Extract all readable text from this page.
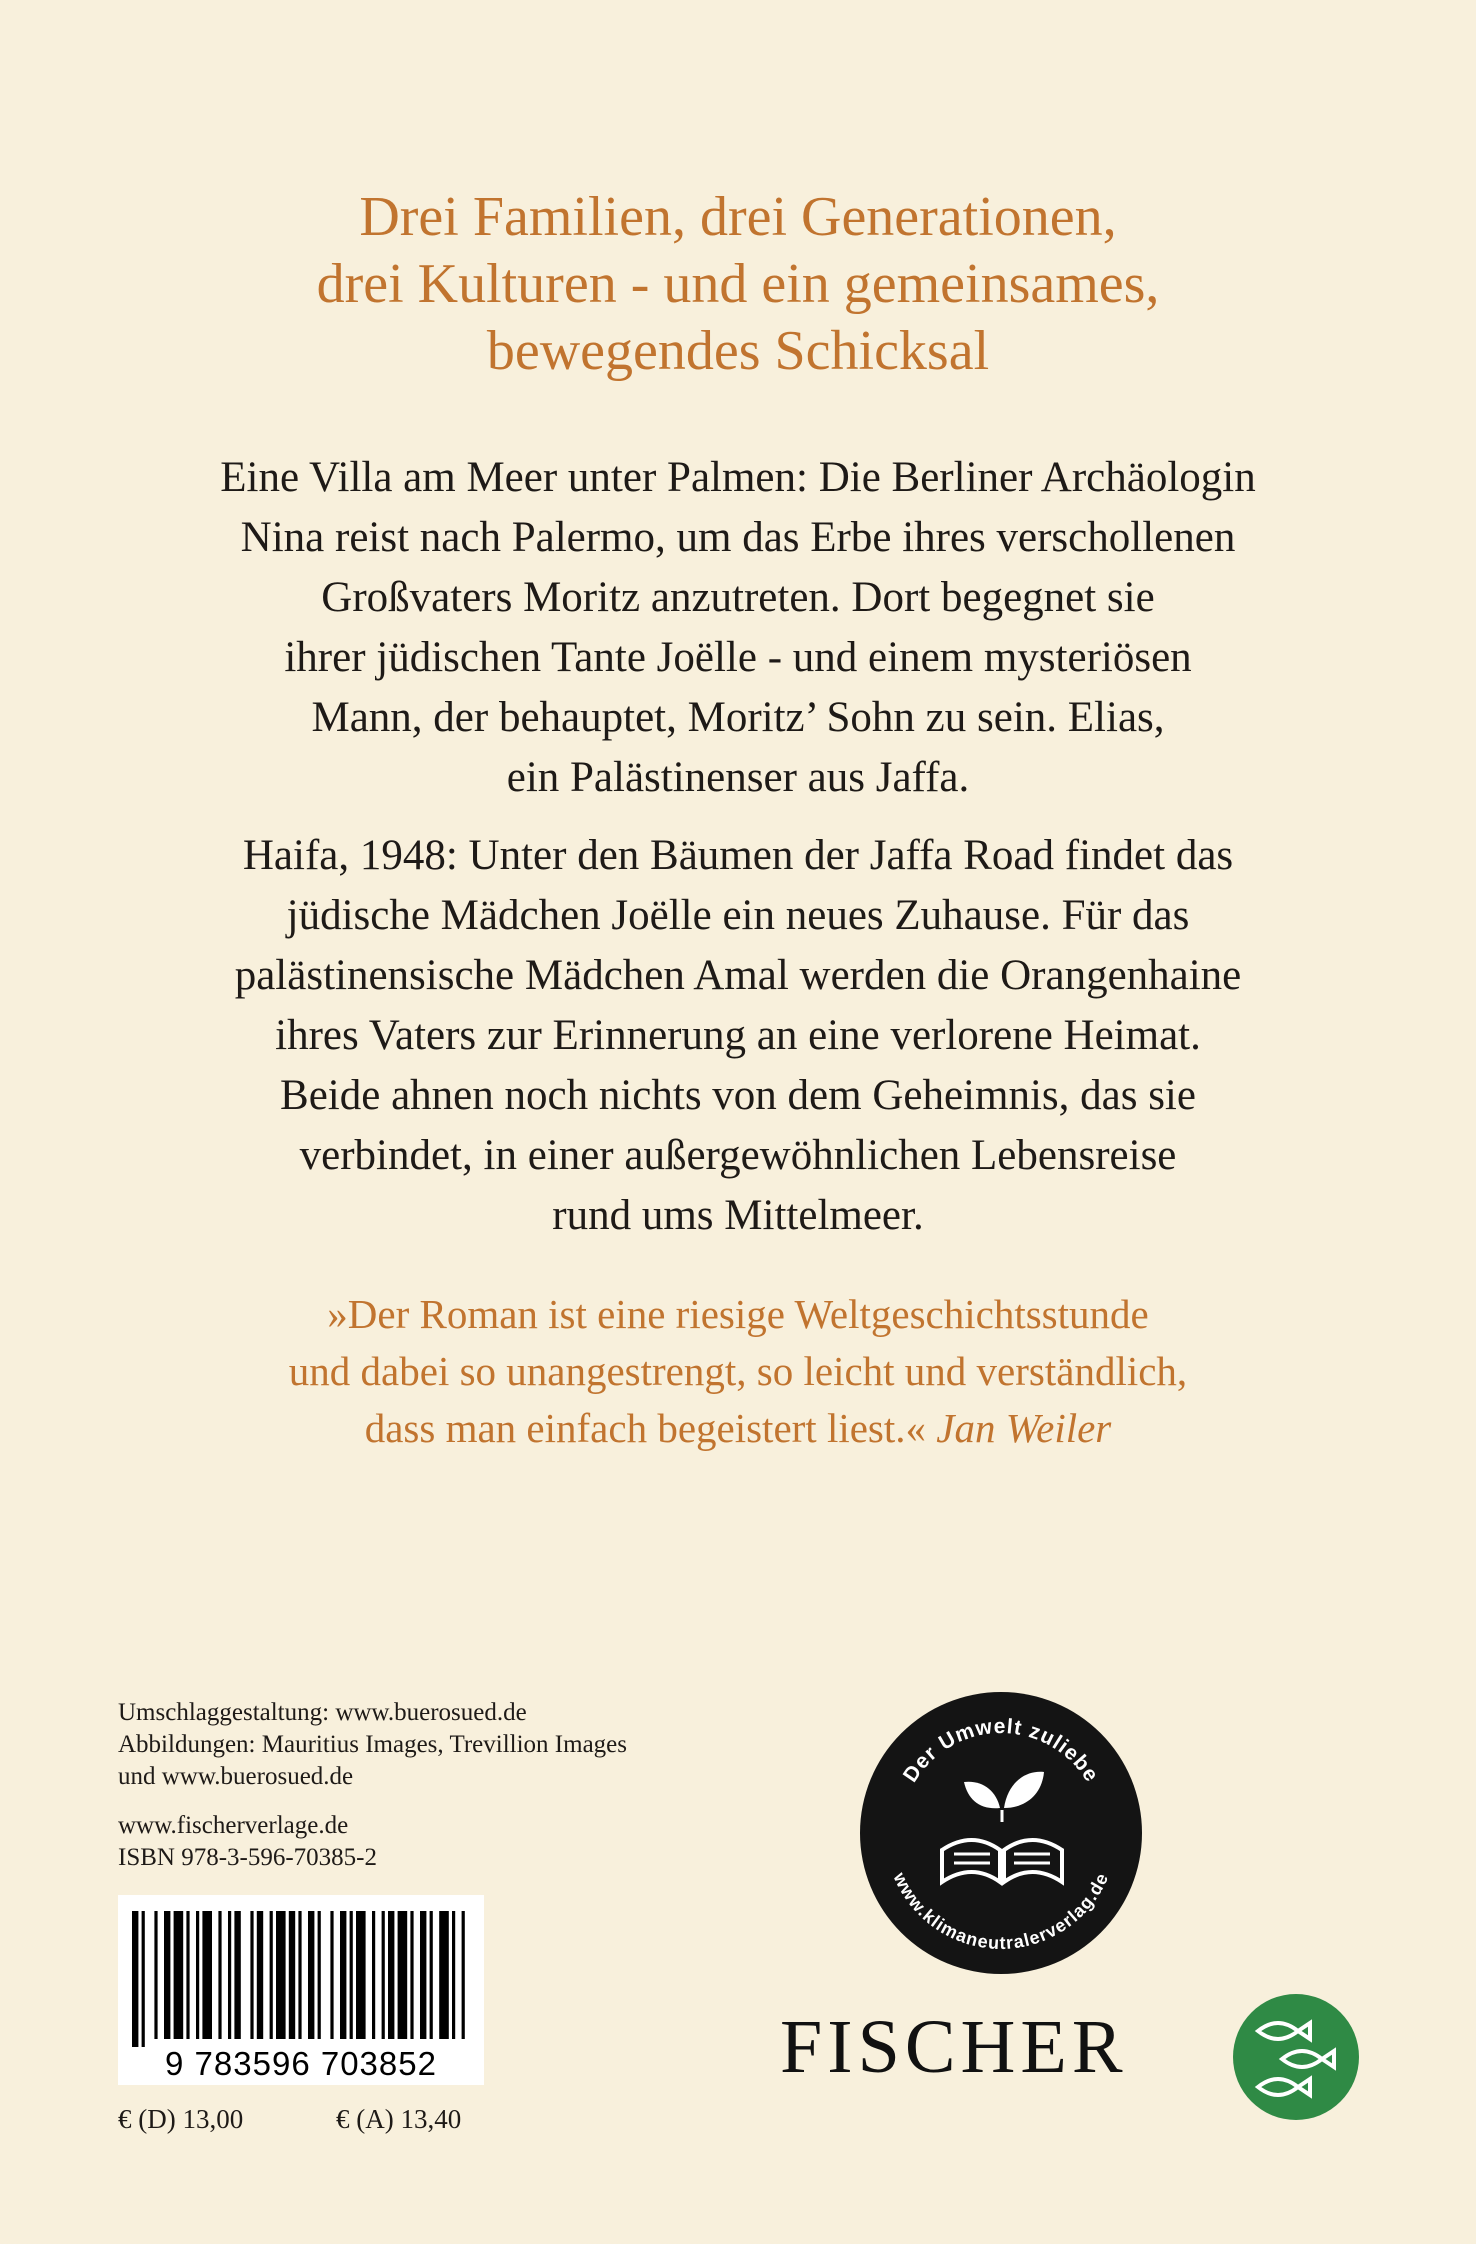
Drei Familien, drei Generationen,
drei Kulturen - und ein gemeinsames,
bewegendes Schicksal
Eine Villa am Meer unter Palmen: Die Berliner Archäologin
Nina reist nach Palermo, um das Erbe ihres verschollenen
Großvaters Moritz anzutreten. Dort begegnet sie
ihrer jüdischen Tante Joëlle - und einem mysteriösen
Mann, der behauptet, Moritz’ Sohn zu sein. Elias,
ein Palästinenser aus Jaffa.
Haifa, 1948: Unter den Bäumen der Jaffa Road findet das
jüdische Mädchen Joëlle ein neues Zuhause. Für das
palästinensische Mädchen Amal werden die Orangenhaine
ihres Vaters zur Erinnerung an eine verlorene Heimat.
Beide ahnen noch nichts von dem Geheimnis, das sie
verbindet, in einer außergewöhnlichen Lebensreise
rund ums Mittelmeer.
»Der Roman ist eine riesige Weltgeschichtsstunde
und dabei so unangestrengt, so leicht und verständlich,
dass man einfach begeistert liest.« Jan Weiler
Umschlaggestaltung: www.buerosued.de
Abbildungen: Mauritius Images, Trevillion Images
und www.buerosued.de
www.fischerverlage.de
ISBN 978-3-596-70385-2
9 783596 703852
€ (D) 13,00	€ (A) 13,40
Der Umwelt zuliebe
www.klimaneutralerverlag.de
FISCHER
